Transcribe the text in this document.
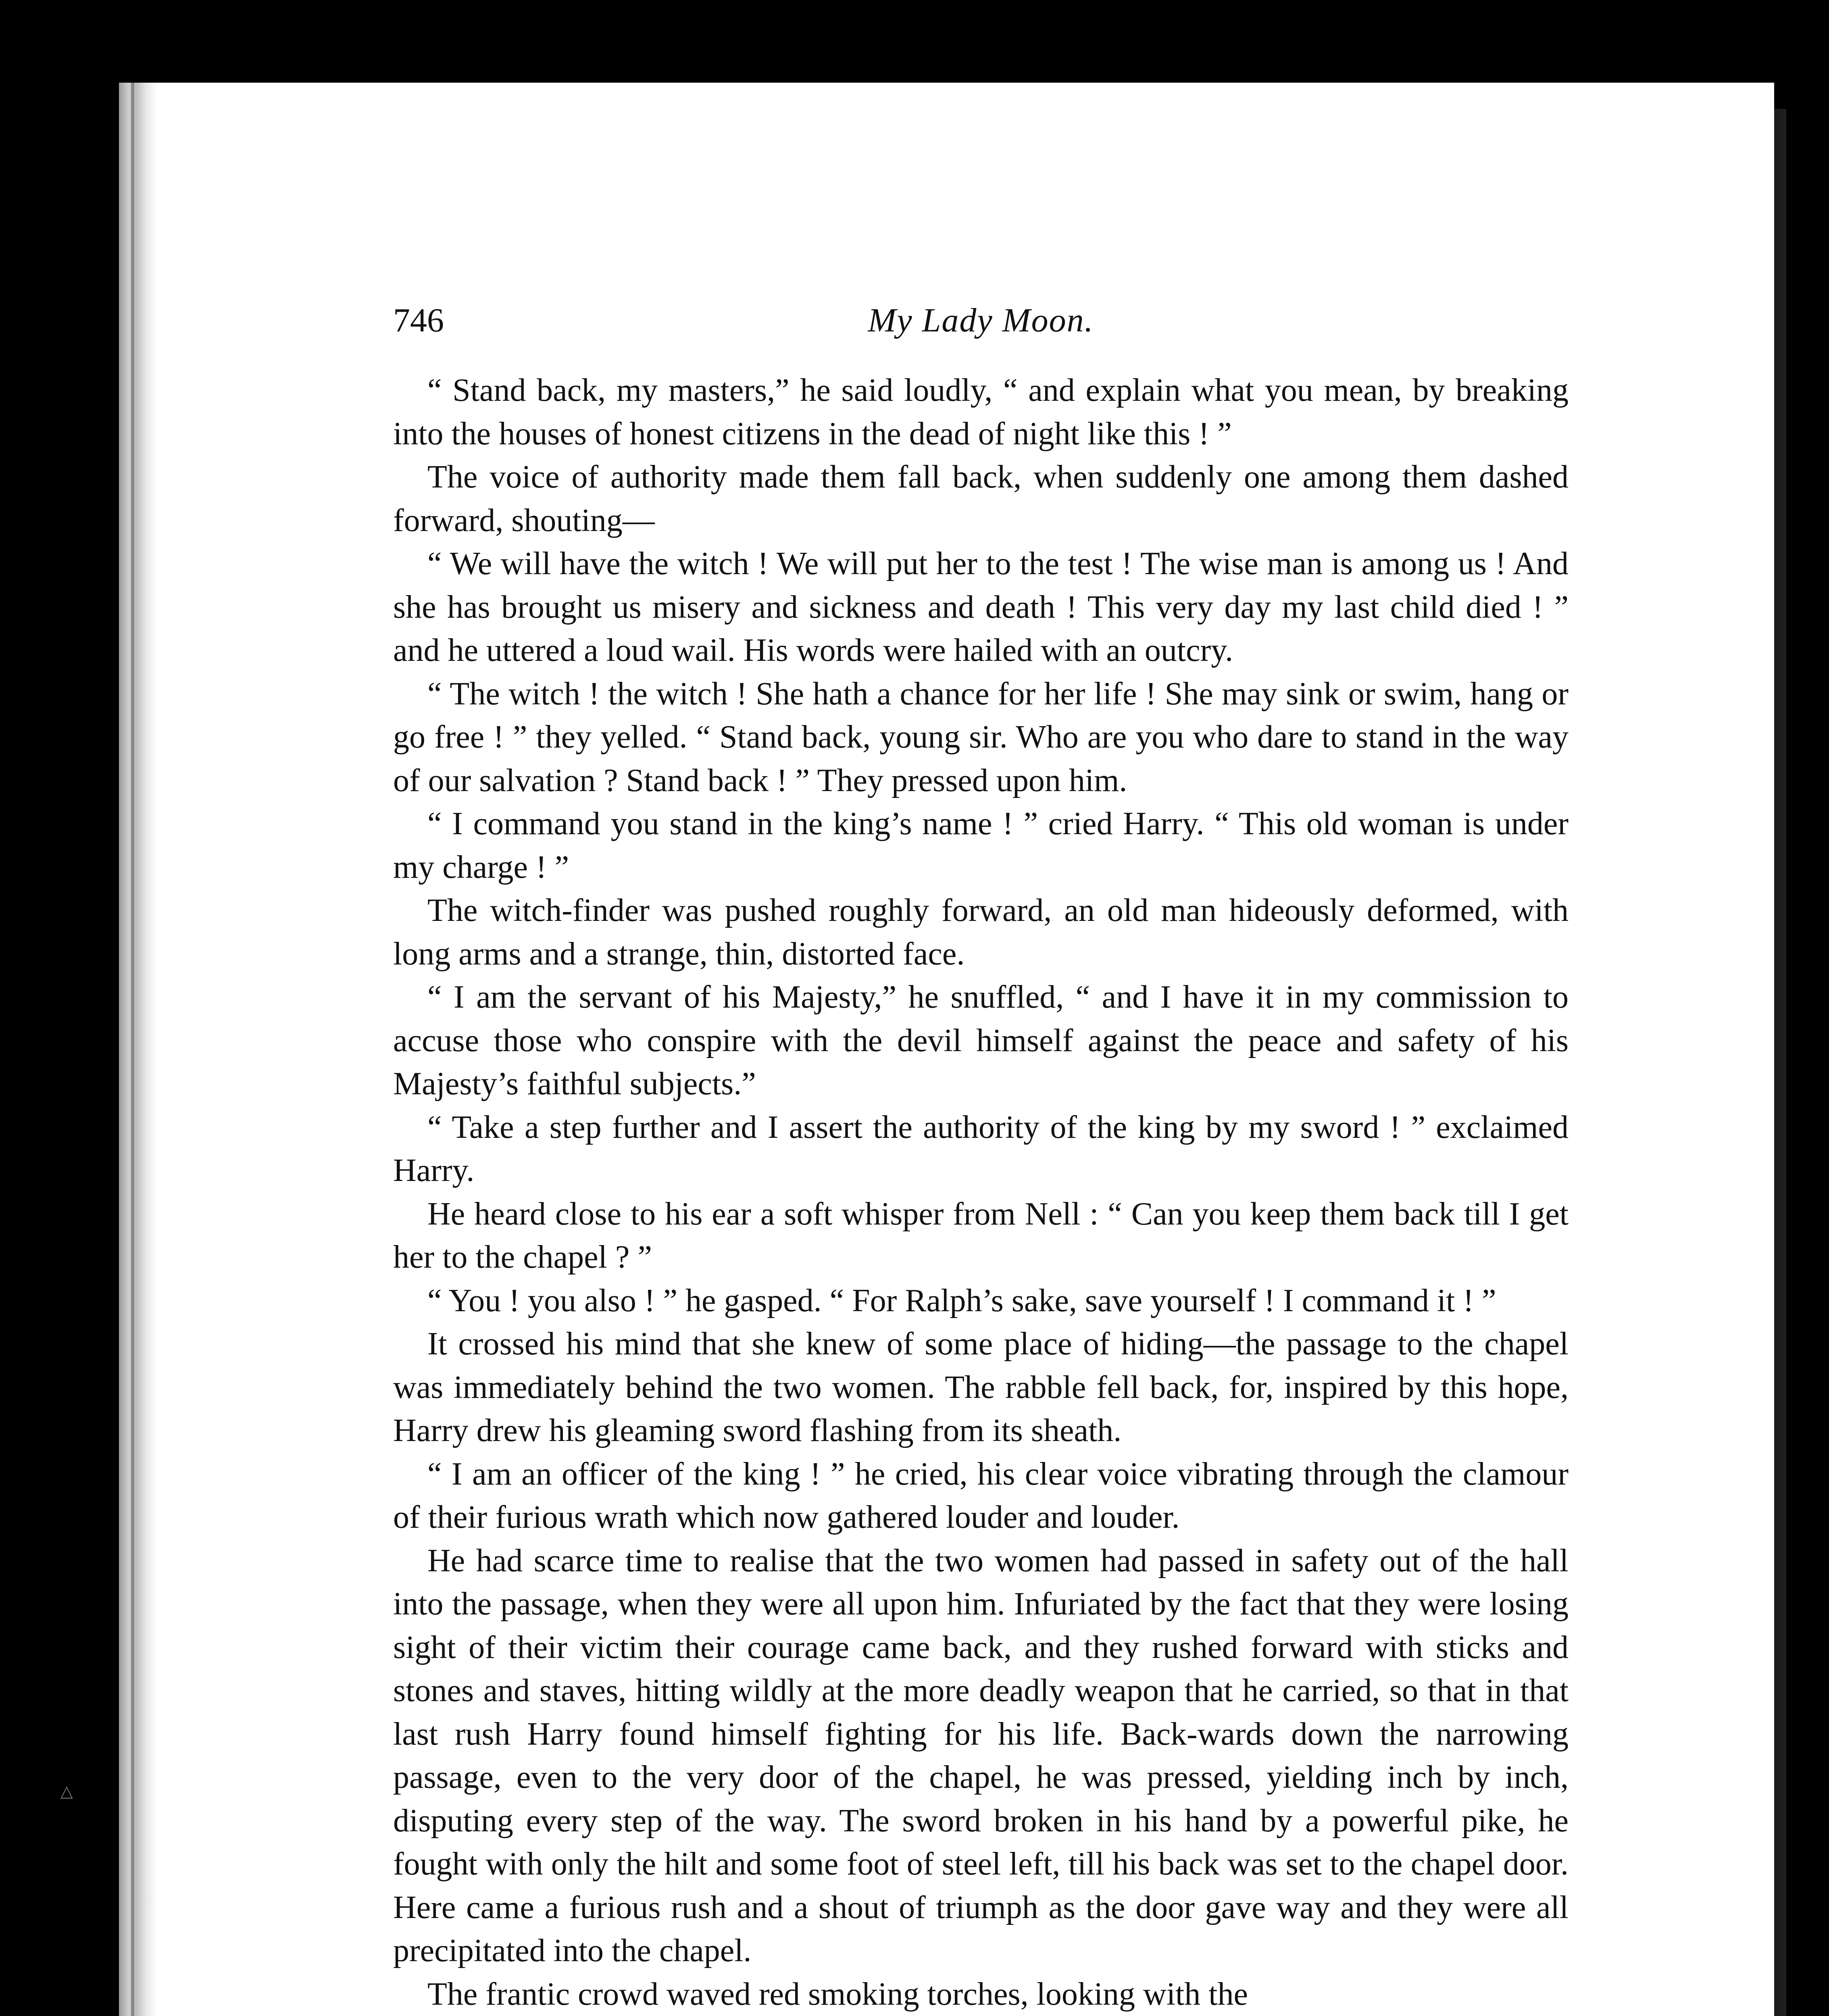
746	My Lady Moon.

“ Stand back, my masters,” he said loudly, “ and explain what you mean, by breaking into the houses of honest citizens in the dead of night like this ! ”

The voice of authority made them fall back, when suddenly one among them dashed forward, shouting—

“ We will have the witch ! We will put her to the test ! The wise man is among us ! And she has brought us misery and sickness and death ! This very day my last child died ! ” and he uttered a loud wail. His words were hailed with an outcry.

“ The witch ! the witch ! She hath a chance for her life ! She may sink or swim, hang or go free ! ” they yelled. “ Stand back, young sir. Who are you who dare to stand in the way of our salvation ? Stand back ! ” They pressed upon him.

“ I command you stand in the king’s name ! ” cried Harry. “ This old woman is under my charge ! ”

The witch-finder was pushed roughly forward, an old man hideously deformed, with long arms and a strange, thin, distorted face.

“ I am the servant of his Majesty,” he snuffled, “ and I have it in my commission to accuse those who conspire with the devil himself against the peace and safety of his Majesty’s faithful subjects.”

“ Take a step further and I assert the authority of the king by my sword ! ” exclaimed Harry.

He heard close to his ear a soft whisper from Nell : “ Can you keep them back till I get her to the chapel ? ”

“ You ! you also ! ” he gasped. “ For Ralph’s sake, save yourself ! I command it ! ”

It crossed his mind that she knew of some place of hiding—the passage to the chapel was immediately behind the two women. The rabble fell back, for, inspired by this hope, Harry drew his gleaming sword flashing from its sheath.

“ I am an officer of the king ! ” he cried, his clear voice vibrating through the clamour of their furious wrath which now gathered louder and louder.

He had scarce time to realise that the two women had passed in safety out of the hall into the passage, when they were all upon him. Infuriated by the fact that they were losing sight of their victim their courage came back, and they rushed forward with sticks and stones and staves, hitting wildly at the more deadly weapon that he carried, so that in that last rush Harry found himself fighting for his life. Back-wards down the narrowing passage, even to the very door of the chapel, he was pressed, yielding inch by inch, disputing every step of the way. The sword broken in his hand by a powerful pike, he fought with only the hilt and some foot of steel left, till his back was set to the chapel door. Here came a furious rush and a shout of triumph as the door gave way and they were all precipitated into the chapel.

The frantic crowd waved red smoking torches, looking with the

△
